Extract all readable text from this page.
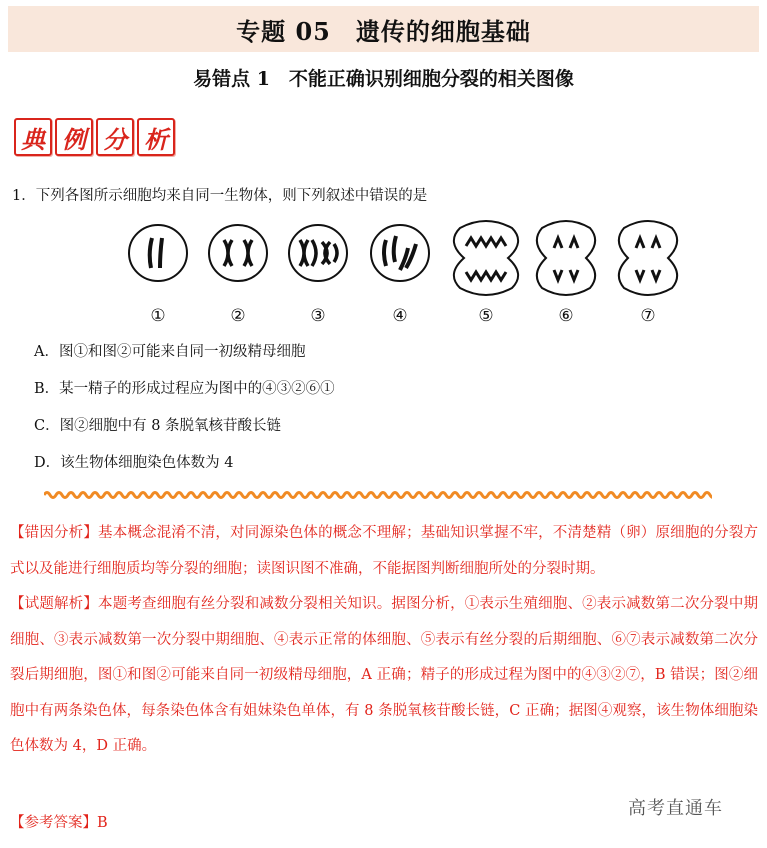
专题 05　遗传的细胞基础
易错点 1　不能正确识别细胞分裂的相关图像
典 例 分 析
1．下列各图所示细胞均来自同一生物体，则下列叙述中错误的是
①	②	③	④	⑤	⑥	⑦
A．图①和图②可能来自同一初级精母细胞
B．某一精子的形成过程应为图中的④③②⑥①
C．图②细胞中有 8 条脱氧核苷酸长链
D．该生物体细胞染色体数为 4

【错因分析】基本概念混淆不清，对同源染色体的概念不理解；基础知识掌握不牢，不清楚精（卵）原细胞的分裂方式以及能进行细胞质均等分裂的细胞；读图识图不准确，不能据图判断细胞所处的分裂时期。

【试题解析】本题考查细胞有丝分裂和减数分裂相关知识。据图分析，①表示生殖细胞、②表示减数第二次分裂中期细胞、③表示减数第一次分裂中期细胞、④表示正常的体细胞、⑤表示有丝分裂的后期细胞、⑥⑦表示减数第二次分裂后期细胞，图①和图②可能来自同一初级精母细胞，A 正确；精子的形成过程为图中的④③②⑦，B 错误；图②细胞中有两条染色体，每条染色体含有姐妹染色单体，有 8 条脱氧核苷酸长链，C 正确；据图④观察，该生物体细胞染色体数为 4，D 正确。

【参考答案】B
高考直通车
